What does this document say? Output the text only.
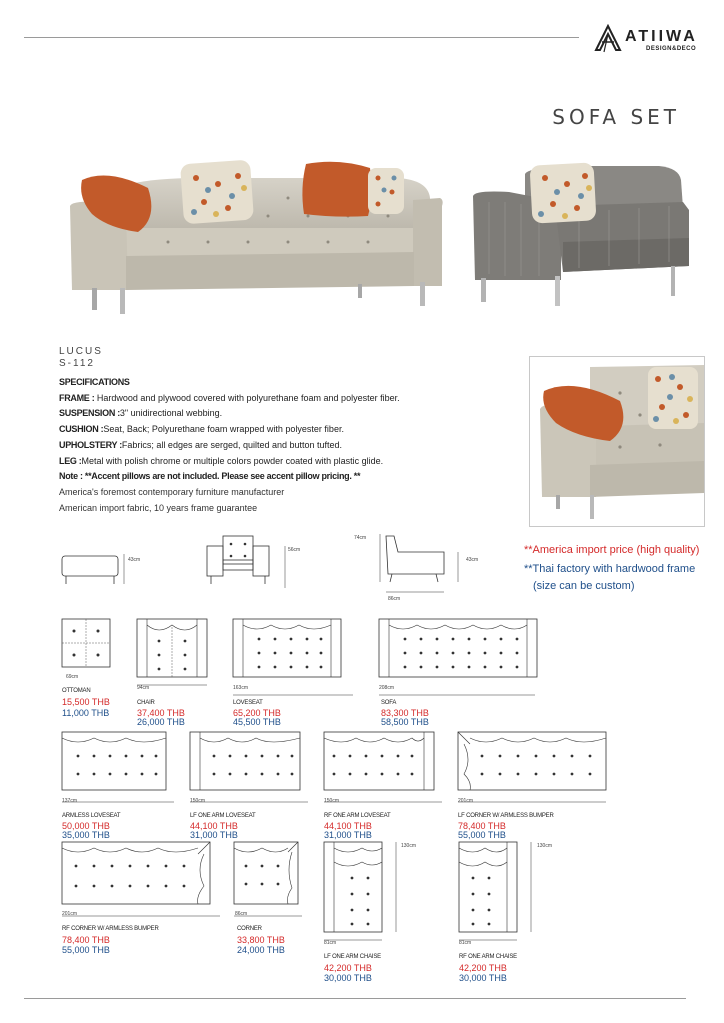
ATIIWA
DESIGN&DECO
SOFA SET
LUCUS
S-112
SPECIFICATIONS
FRAME : Hardwood and plywood covered with polyurethane foam and polyester fiber.
SUSPENSION :3" unidirectional webbing.
CUSHION :Seat, Back; Polyurethane foam wrapped with polyester fiber.
UPHOLSTERY :Fabrics; all edges are serged, quilted and button tufted.
LEG :Metal with polish chrome or multiple colors powder coated with plastic glide.
Note : **Accent pillows are not included. Please see accent pillow pricing. **
America's foremost contemporary furniture manufacturer
American import fabric, 10 years frame guarantee
**America import price (high quality)
**Thai factory with hardwood frame
(size can be custom)
43cm
56cm
74cm
43cm
86cm
69cm
OTTOMAN
15,500 THB
11,000 THB
94cm
CHAIR
37,400 THB
26,000 THB
163cm
LOVESEAT
65,200 THB
45,500 THB
208cm
SOFA
83,300 THB
58,500 THB
137cm
ARMLESS LOVESEAT
50,000 THB
35,000 THB
150cm
LF ONE ARM LOVESEAT
44,100 THB
31,000 THB
150cm
RF ONE ARM LOVESEAT
44,100 THB
31,000 THB
201cm
LF CORNER W/ ARMLESS BUMPER
78,400 THB
55,000 THB
201cm
RF CORNER W/ ARMLESS BUMPER
78,400 THB
55,000 THB
86cm
CORNER
33,800 THB
24,000 THB
130cm
81cm
LF ONE ARM CHAISE
42,200 THB
30,000 THB
130cm
81cm
RF ONE ARM CHAISE
42,200 THB
30,000 THB
